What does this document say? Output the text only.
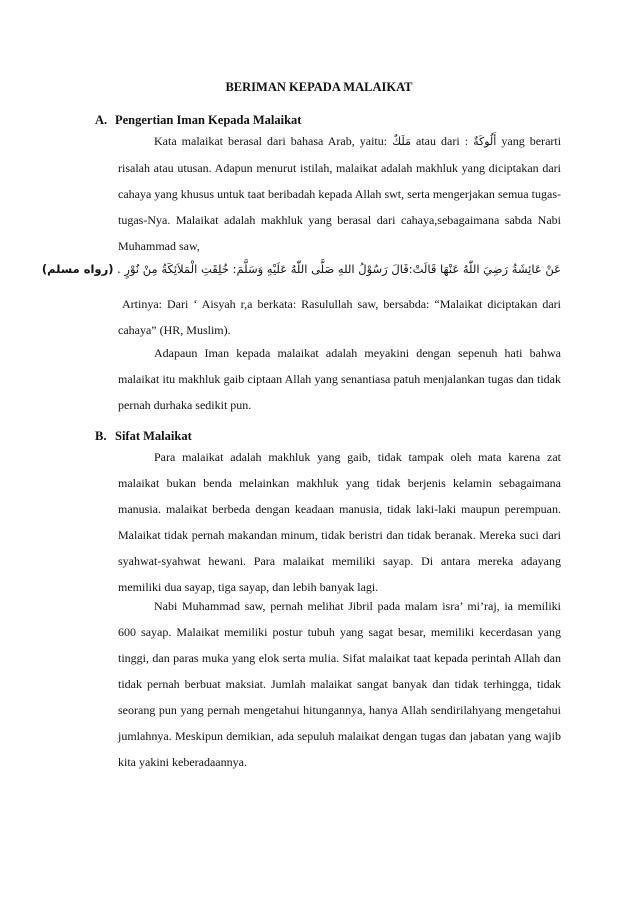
BERIMAN KEPADA MALAIKAT
A. Pengertian Iman Kepada Malaikat

Kata malaikat berasal dari bahasa Arab, yaitu: مَلَكٌ atau dari : أَلُوكَةٌ yang berarti risalah atau utusan. Adapun menurut istilah, malaikat adalah makhluk yang diciptakan dari cahaya yang khusus untuk taat beribadah kepada Allah swt, serta mengerjakan semua tugas-tugas-Nya. Malaikat adalah makhluk yang berasal dari cahaya,sebagaimana sabda Nabi Muhammad saw,

عَنْ عَائِشَةُ رَضِيَ اللّٰهُ عَنْهَا قَالَتْ:قَالَ رَسُوْلُ اللهِ صَلَّى اللّٰهُ عَلَيْهِ وَسَلَّمَ: خُلِقَتِ الْمَلاَئِكَةُ مِنْ نُوْرٍ . (رواه مسلم)

Artinya: Dari ‘ Aisyah r,a berkata: Rasulullah saw, bersabda: “Malaikat diciptakan dari cahaya” (HR, Muslim).

Adapaun Iman kepada malaikat adalah meyakini dengan sepenuh hati bahwa malaikat itu makhluk gaib ciptaan Allah yang senantiasa patuh menjalankan tugas dan tidak pernah durhaka sedikit pun.

B. Sifat Malaikat

Para malaikat adalah makhluk yang gaib, tidak tampak oleh mata karena zat malaikat bukan benda melainkan makhluk yang tidak berjenis kelamin sebagaimana manusia. malaikat berbeda dengan keadaan manusia, tidak laki-laki maupun perempuan. Malaikat tidak pernah makandan minum, tidak beristri dan tidak beranak. Mereka suci dari syahwat-syahwat hewani. Para malaikat memiliki sayap. Di antara mereka adayang memiliki dua sayap, tiga sayap, dan lebih banyak lagi.

Nabi Muhammad saw, pernah melihat Jibril pada malam isra’ mi’raj, ia memiliki 600 sayap. Malaikat memiliki postur tubuh yang sagat besar, memiliki kecerdasan yang tinggi, dan paras muka yang elok serta mulia. Sifat malaikat taat kepada perintah Allah dan tidak pernah berbuat maksiat. Jumlah malaikat sangat banyak dan tidak terhingga, tidak seorang pun yang pernah mengetahui hitungannya, hanya Allah sendirilahyang mengetahui jumlahnya. Meskipun demikian, ada sepuluh malaikat dengan tugas dan jabatan yang wajib kita yakini keberadaannya.
